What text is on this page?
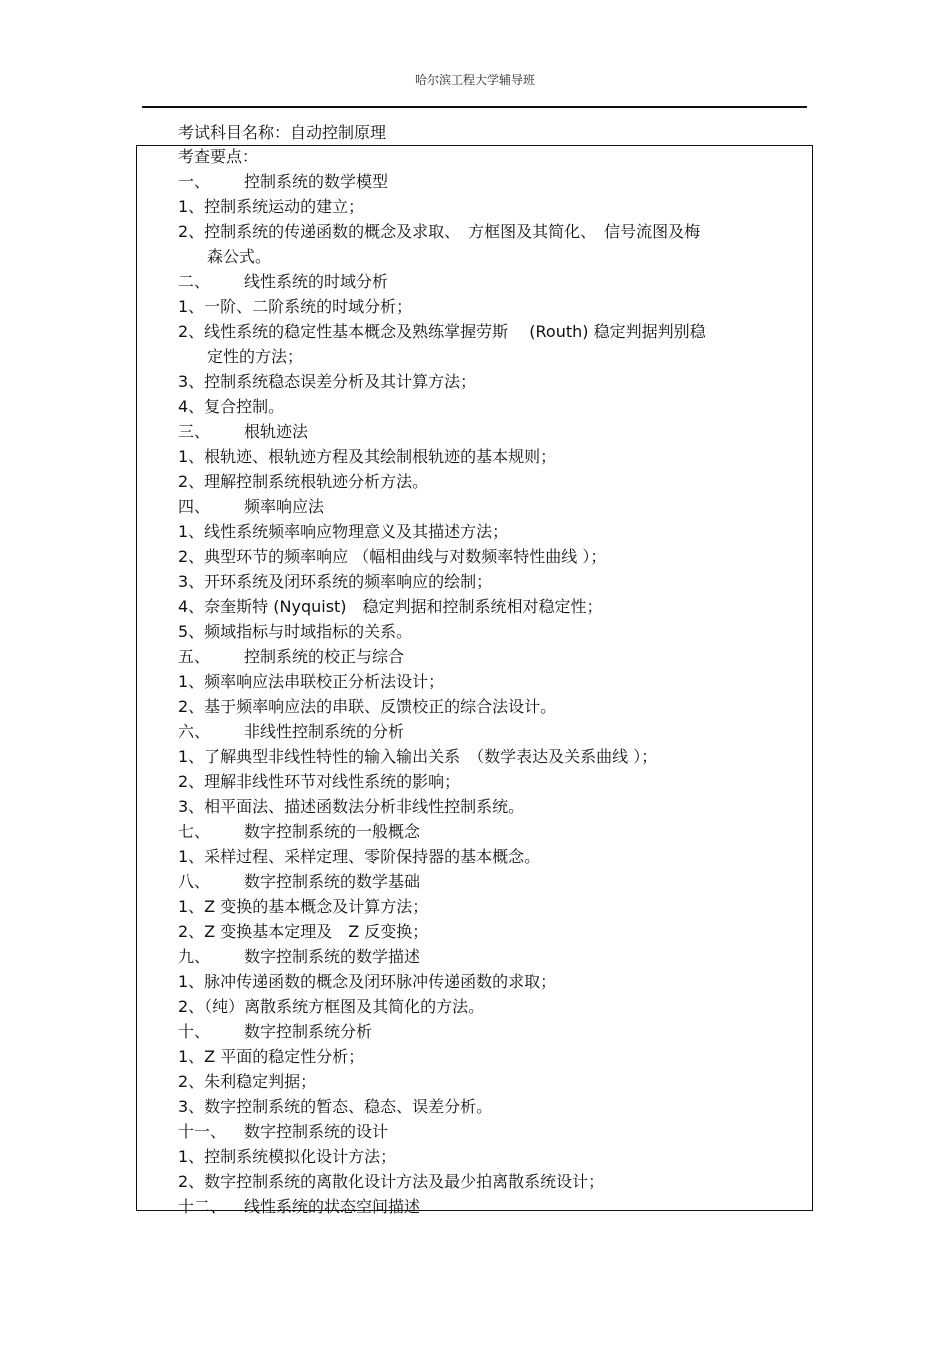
哈尔滨工程大学辅导班
考试科目名称：自动控制原理
考查要点：
一、 控制系统的数学模型
1、控制系统运动的建立；
2、控制系统的传递函数的概念及求取、　方框图及其简化、　信号流图及梅
森公式。
二、 线性系统的时域分析
1、一阶、二阶系统的时域分析；
2、线性系统的稳定性基本概念及熟练掌握劳斯　 (Routh) 稳定判据判别稳
定性的方法；
3、控制系统稳态误差分析及其计算方法；
4、复合控制。
三、 根轨迹法
1、根轨迹、根轨迹方程及其绘制根轨迹的基本规则；
2、理解控制系统根轨迹分析方法。
四、 频率响应法
1、线性系统频率响应物理意义及其描述方法；
2、典型环节的频率响应 （幅相曲线与对数频率特性曲线 ）；
3、开环系统及闭环系统的频率响应的绘制；
4、奈奎斯特 (Nyquist)　稳定判据和控制系统相对稳定性；
5、频域指标与时域指标的关系。
五、 控制系统的校正与综合
1、频率响应法串联校正分析法设计；
2、基于频率响应法的串联、反馈校正的综合法设计。
六、 非线性控制系统的分析
1、了解典型非线性特性的输入输出关系　（数学表达及关系曲线 ）；
2、理解非线性环节对线性系统的影响；
3、相平面法、描述函数法分析非线性控制系统。
七、 数字控制系统的一般概念
1、采样过程、采样定理、零阶保持器的基本概念。
八、 数字控制系统的数学基础
1、Z 变换的基本概念及计算方法；
2、Z 变换基本定理及　Z 反变换；
九、 数字控制系统的数学描述
1、脉冲传递函数的概念及闭环脉冲传递函数的求取；
2、（纯）离散系统方框图及其简化的方法。
十、 数字控制系统分析
1、Z 平面的稳定性分析；
2、朱利稳定判据；
3、数字控制系统的暂态、稳态、误差分析。
十一、 数字控制系统的设计
1、控制系统模拟化设计方法；
2、数字控制系统的离散化设计方法及最少拍离散系统设计；
十二、 线性系统的状态空间描述
